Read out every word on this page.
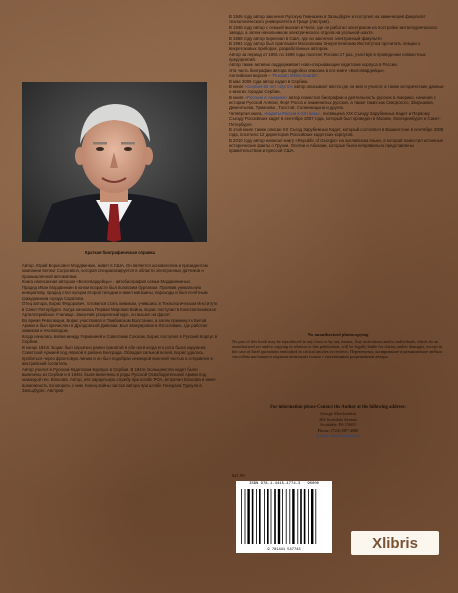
Краткая биографическая справка

Автор, Юрий Борисович Мордвинкин, живет в США. Он является основателем и президентом компании Sensor Corporation, которая специализируется в области электронных датчиков и промышленной автоматики.

Книга написанная автором «Белогвардейцы» - автобиография семьи Мордвинкиных.

Прадед Иван Мордвинкин в юном возрасте был волжским бурлаком. Проявив уникальную инициативу, прадед стал купцом второй гильдии и имел магазины, пароходы и был почётным гражданином города Саратова.

Отец автора, Борис Фёдорович, готовился стать химиком, учившись в Технологическом Институте в Санкт-Петербурге. Когда началась Первая Мировая Война, Борис поступил в Константиновское Артиллерийское Училище. Закончив ускоренный курс, он вышел на фронт.

Во время Революции, Борис участвовал в Тамбовском Восстании, а затем примкнул к Белой Армии и был причислен в Дроздовской Дивизии. Был эвакуирован в Югославию, где работал химиком и пчеловодом.

Когда началась война между Германией и Советским Союзом, Борис поступил в Русский Корпус в Сербии.

В конце 1944г. Борис был серьёзно ранен гранатой в обе ноги когда его рота была окружена Советской Армией под Авалой в районе Белграда. Обладая сильной волей, Борис удалось пробиться через фронтовую линию и он был подобран немецкой военной частью и отправлен в австрийский госпиталь.

Автор учился в Русском Кадетском Корпусе в Сербии. В 1944г. Большинство кадет были вывезены из Сербии и в 1945г. были включены в ряды Русской Освободительной Армии под командой ген. Власова. Автор, нёс караульную службу при штабе РОА, встречал Власова и имел возможность поговорить с ним. Конец войны застал автора при штабе Генерала Туркула в Зальцбурге, Австрия.

В 1946 году автор закончил Русскую Гимназию в Зальцбурге и поступил на химический факультет технологического университета в Граце (Австрия).

В 1948 году автор с семьей выехал в Чили, где он работал электриком на постройке металлургического завода, а затем начальником электрического отдела на угольной шахте.

В 1958 году автор переехал в США, где он закончил электронный факультет.

В 1991 году автор был приглашён Московским Энергетическим Институтом прочитать лекции о вихретоковых приборах, разработанных автором.

Автор за период от 1991 по 1998 годы посетил Россию 17 раз, участвуя в проведении совместных предприятий.

Автор также активно поддерживает ново-открывающие кадетские корпуса в России.

Эта часть биографии автора подробно описана в его книге «Белогвардейцы».

Английская версия – "Russian White Guards".

В мае 2005 года автор ездил в Сербию.

В книге «Сербия-60 лет спустя» автор описывает места где он жил и учился; а также исторические данные о многих городах Сербии.

В книге «Русские в Америке» автор поместил биографии и деятельность русских в Америке, начиная с истории Русской Аляски, Форт Росса и знаменитых русских, а также таких как Сикорского, Зворыкина, Дементьева, Туманова , Толстой, Солженицына и других.

Четвёртая книга, «Кадеты России в XXI веке», посвящена XIX Съезду Зарубежных Кадет и Первому Съезду Российских кадет в сентябре 2007 года, который был проведен в Москве, Екатеринбурге и Санкт-Петербурге.

В этой книге также описан XX Съезд Зарубежных Кадет, который состоялся в Вашингтоне в сентябре 2008 года, посетило 12 директоров Российских кадетских корпусов.

В 2010 году автор написал книгу «Republic of Georgia» на английском языке, в которой поместил истинные исторические факты о Грузии, Осетии и Абхазии, которые были неправильно представлены правительством и прессой США.

No unauthorized photocopying
No part of this book may be reproduced in any form or by any means. Any institutions and/or individuals, which do an unauthorized act and/or copying in relation to this publication, will be legally liable for claims and/or damages, except in the case of brief quotations embodied in critical articles or reviews. Перепечатка, копирование и размножение любым способом настоящего издания возможны только с письменным разрешением автора.
For information please Contact the Author at the following address:
George Mordwinkin
303 Scottdale Avenue
Scottdale, PA 15683
Phone: (724) 887-4080
E-mail: sensor@aol.com
$41.99
ISBN 978-1-4415-4774-3 90000
9 781441 547743	Xlibris
